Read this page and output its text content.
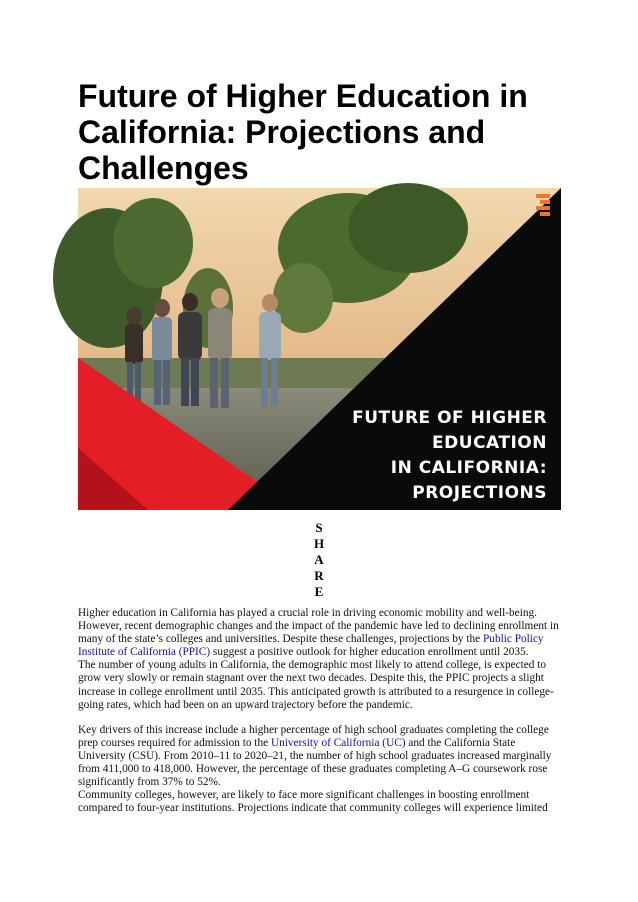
Future of Higher Education in California: Projections and Challenges
FUTURE OF HIGHER EDUCATION
IN CALIFORNIA: PROJECTIONS
AND CHALLENGES
S
H
A
R
E

Higher education in California has played a crucial role in driving economic mobility and well-being. However, recent demographic changes and the impact of the pandemic have led to declining enrollment in many of the state’s colleges and universities. Despite these challenges, projections by the Public Policy Institute of California (PPIC) suggest a positive outlook for higher education enrollment until 2035.

The number of young adults in California, the demographic most likely to attend college, is expected to grow very slowly or remain stagnant over the next two decades. Despite this, the PPIC projects a slight increase in college enrollment until 2035. This anticipated growth is attributed to a resurgence in college-going rates, which had been on an upward trajectory before the pandemic.

Key drivers of this increase include a higher percentage of high school graduates completing the college prep courses required for admission to the University of California (UC) and the California State University (CSU). From 2010–11 to 2020–21, the number of high school graduates increased marginally from 411,000 to 418,000. However, the percentage of these graduates completing A–G coursework rose significantly from 37% to 52%.

Community colleges, however, are likely to face more significant challenges in boosting enrollment compared to four-year institutions. Projections indicate that community colleges will experience limited
